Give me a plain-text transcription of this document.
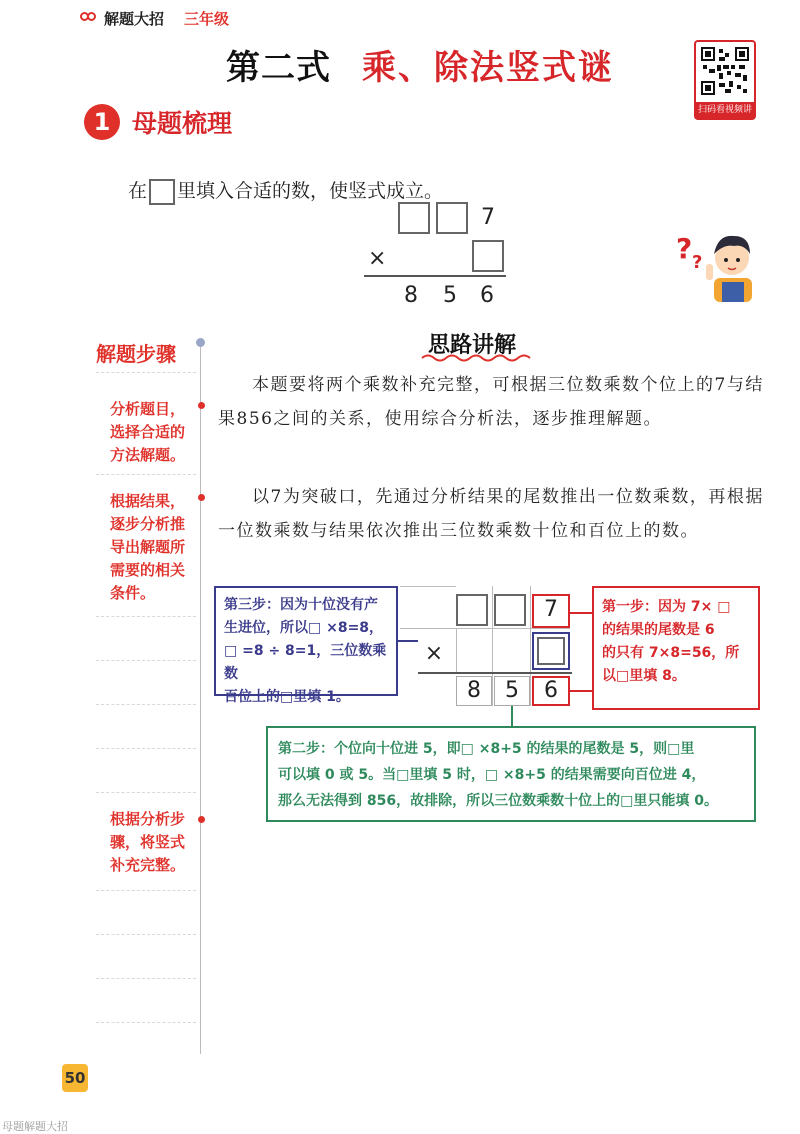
解题大招 三年级
第二式 乘、除法竖式谜
扫码看视频讲解
1 母题梳理
在 里填入合适的数，使竖式成立。
7
×
8 5 6
? ?
解题步骤
分析题目，
选择合适的
方法解题。
根据结果，
逐步分析推
导出解题所
需要的相关
条件。
根据分析步
骤，将竖式
补充完整。
思路讲解
本题要将两个乘数补充完整，可根据三位数乘数个位上的7与结果856之间的关系，使用综合分析法，逐步推理解题。
以7为突破口，先通过分析结果的尾数推出一位数乘数，再根据一位数乘数与结果依次推出三位数乘数十位和百位上的数。
7
×
8	5	6
第三步：因为十位没有产
生进位，所以□ ×8=8，
□ =8 ÷ 8=1，三位数乘数
百位上的□里填 1。
第一步：因为 7× □
的结果的尾数是 6
的只有 7×8=56，所
以□里填 8。
第二步：个位向十位进 5，即□ ×8+5 的结果的尾数是 5，则□里
可以填 0 或 5。当□里填 5 时，□ ×8+5 的结果需要向百位进 4，
那么无法得到 856，故排除，所以三位数乘数十位上的□里只能填 0。
50
母题解题大招
